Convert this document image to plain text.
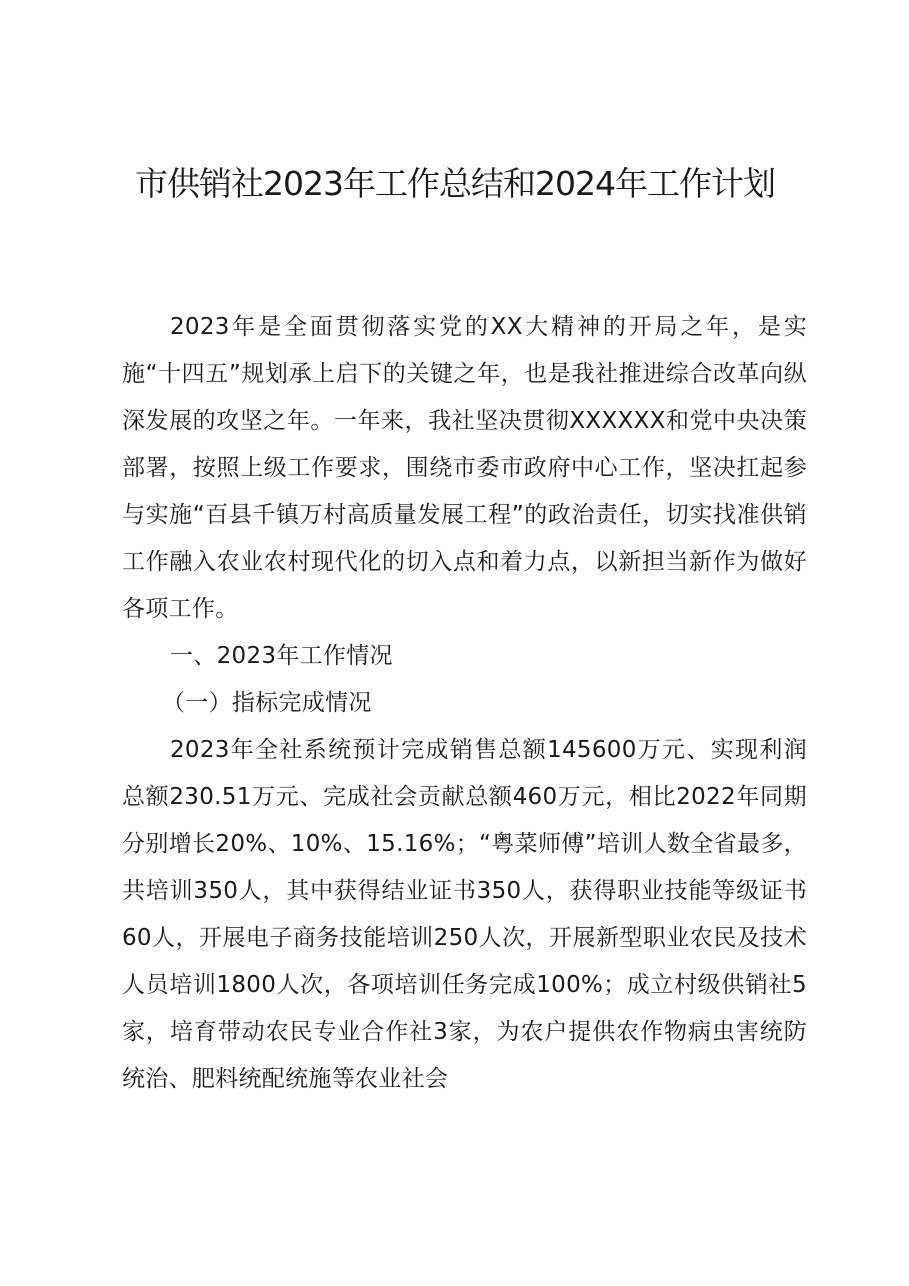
市供销社2023年工作总结和2024年工作计划

2023年是全面贯彻落实党的XX大精神的开局之年，是实施“十四五”规划承上启下的关键之年，也是我社推进综合改革向纵深发展的攻坚之年。一年来，我社坚决贯彻XXXXXX和党中央决策部署，按照上级工作要求，围绕市委市政府中心工作，坚决扛起参与实施“百县千镇万村高质量发展工程”的政治责任，切实找准供销工作融入农业农村现代化的切入点和着力点，以新担当新作为做好各项工作。

一、2023年工作情况

（一）指标完成情况

2023年全社系统预计完成销售总额145600万元、实现利润总额230.51万元、完成社会贡献总额460万元，相比2022年同期分别增长20%、10%、15.16%；“粤菜师傅”培训人数全省最多，共培训350人，其中获得结业证书350人，获得职业技能等级证书60人，开展电子商务技能培训250人次，开展新型职业农民及技术人员培训1800人次，各项培训任务完成100%；成立村级供销社5家，培育带动农民专业合作社3家，为农户提供农作物病虫害统防统治、肥料统配统施等农业社会
